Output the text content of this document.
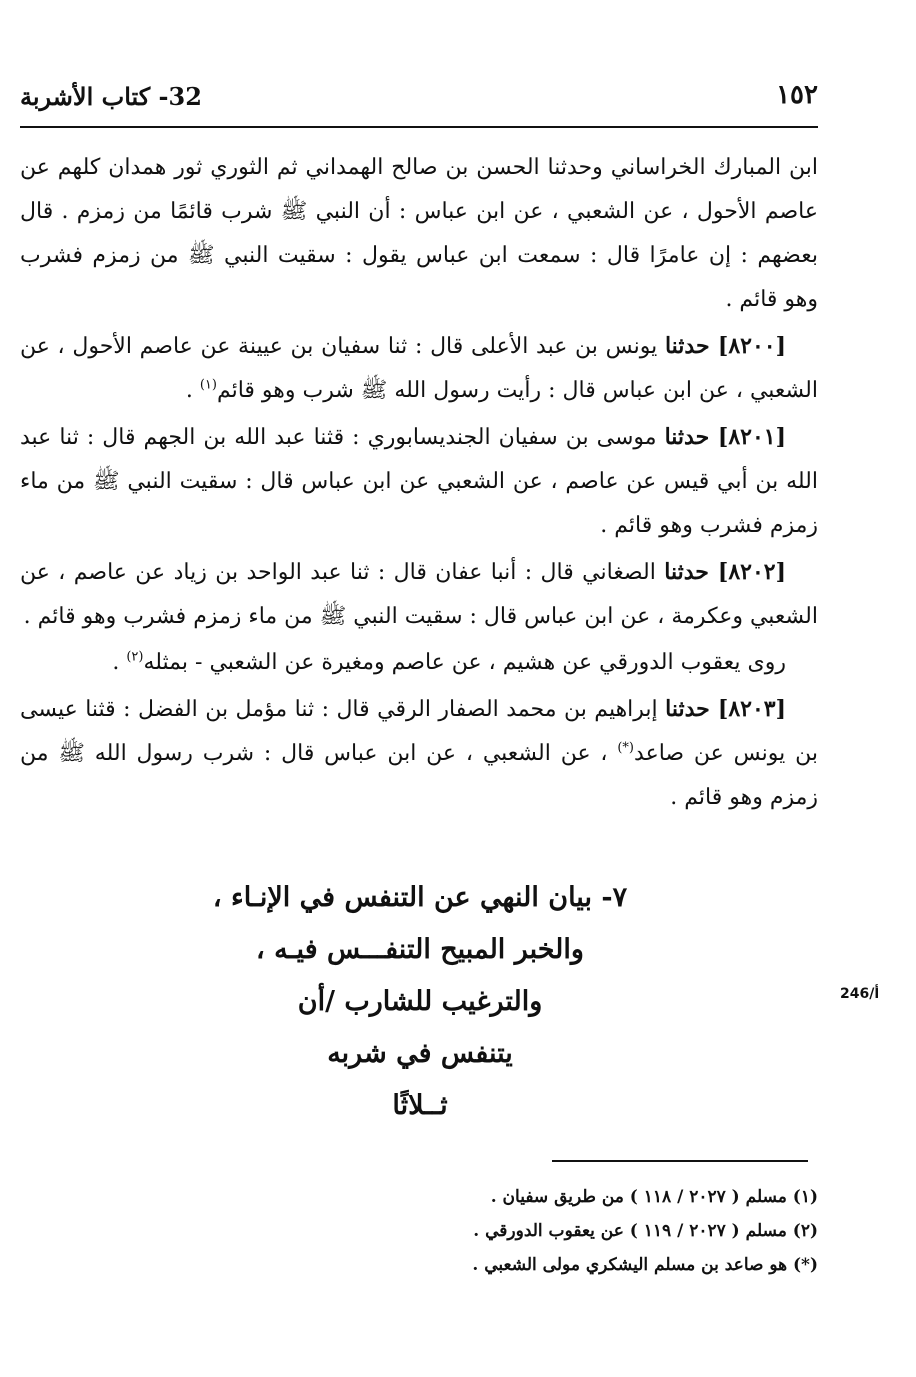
١٥٢
32- كتاب الأشربة

ابن المبارك الخراساني وحدثنا الحسن بن صالح الهمداني ثم الثوري ثور همدان كلهم عن عاصم الأحول ، عن الشعبي ، عن ابن عباس : أن النبي ﷺ شرب قائمًا من زمزم . قال بعضهم : إن عامرًا قال : سمعت ابن عباس يقول : سقيت النبي ﷺ من زمزم فشرب وهو قائم .

[٨٢٠٠] حدثنا يونس بن عبد الأعلى قال : ثنا سفيان بن عيينة عن عاصم الأحول ، عن الشعبي ، عن ابن عباس قال : رأيت رسول الله ﷺ شرب وهو قائم$^{(١)}$ .

[٨٢٠١] حدثنا موسى بن سفيان الجنديسابوري : قثنا عبد الله بن الجهم قال : ثنا عبد الله بن أبي قيس عن عاصم ، عن الشعبي عن ابن عباس قال : سقيت النبي ﷺ من ماء زمزم فشرب وهو قائم .

[٨٢٠٢] حدثنا الصغاني قال : أنبا عفان قال : ثنا عبد الواحد بن زياد عن عاصم ، عن الشعبي وعكرمة ، عن ابن عباس قال : سقيت النبي ﷺ من ماء زمزم فشرب وهو قائم .

روى يعقوب الدورقي عن هشيم ، عن عاصم ومغيرة عن الشعبي - بمثله$^{(٢)}$ .

[٨٢٠٣] حدثنا إبراهيم بن محمد الصفار الرقي قال : ثنا مؤمل بن الفضل : قثنا عيسى بن يونس عن صاعد(*) ، عن الشعبي ، عن ابن عباس قال : شرب رسول الله ﷺ من زمزم وهو قائم .

٧- بيان النهي عن التنفس في الإنـاء ،
والخبر المبيح التنفـــس فيـه ،
والترغيب للشارب /أن
يتنفس في شربه
ثــلاثًا
246/أ
(١) مسلم ( ٢٠٢٧ / ١١٨ ) من طريق سفيان .
(٢) مسلم ( ٢٠٢٧ / ١١٩ ) عن يعقوب الدورقي .
(*) هو صاعد بن مسلم اليشكري مولى الشعبي .
